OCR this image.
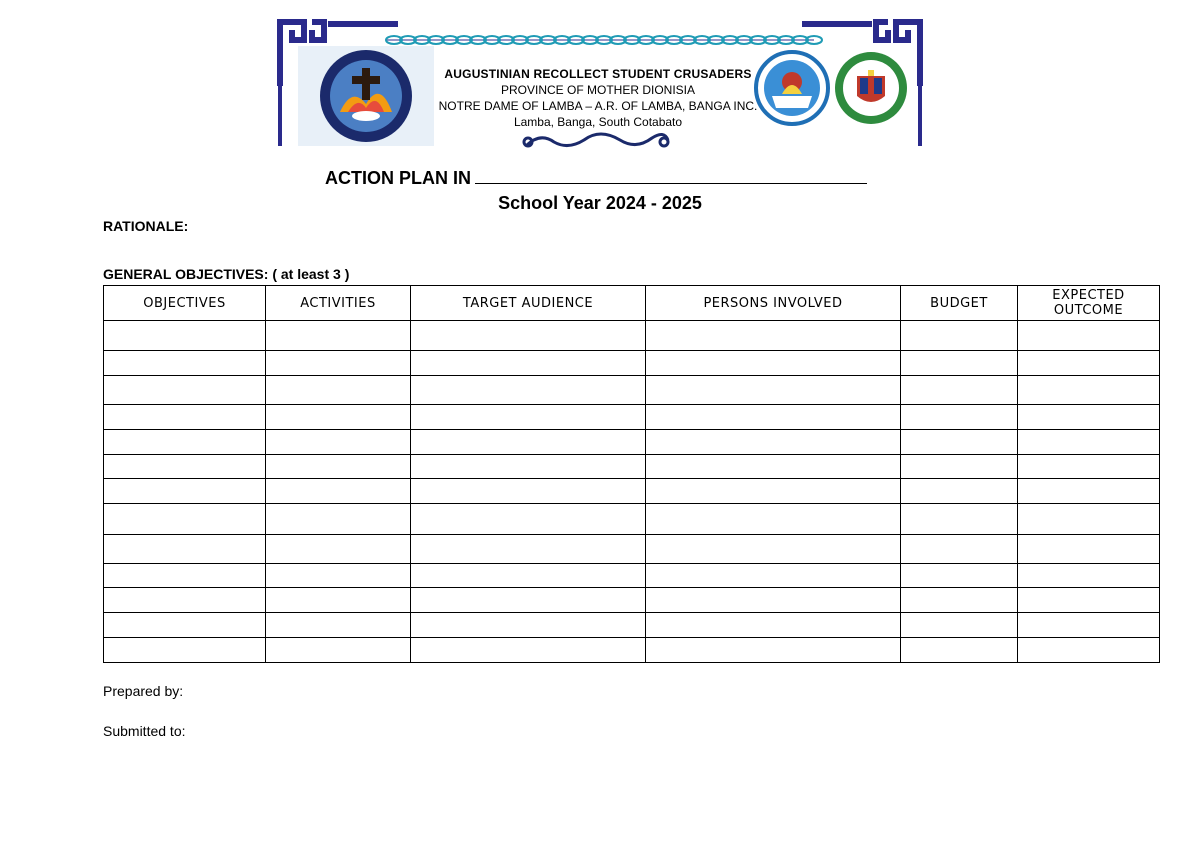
AUGUSTINIAN RECOLLECT STUDENT CRUSADERS
PROVINCE OF MOTHER DIONISIA
NOTRE DAME OF LAMBA – A.R. OF LAMBA, BANGA INC.
Lamba, Banga, South Cotabato
ACTION PLAN IN
School Year 2024 - 2025
RATIONALE:
GENERAL OBJECTIVES: ( at least 3 )
OBJECTIVES	ACTIVITIES	TARGET AUDIENCE	PERSONS INVOLVED	BUDGET	EXPECTED OUTCOME

Prepared by:
Submitted to:
